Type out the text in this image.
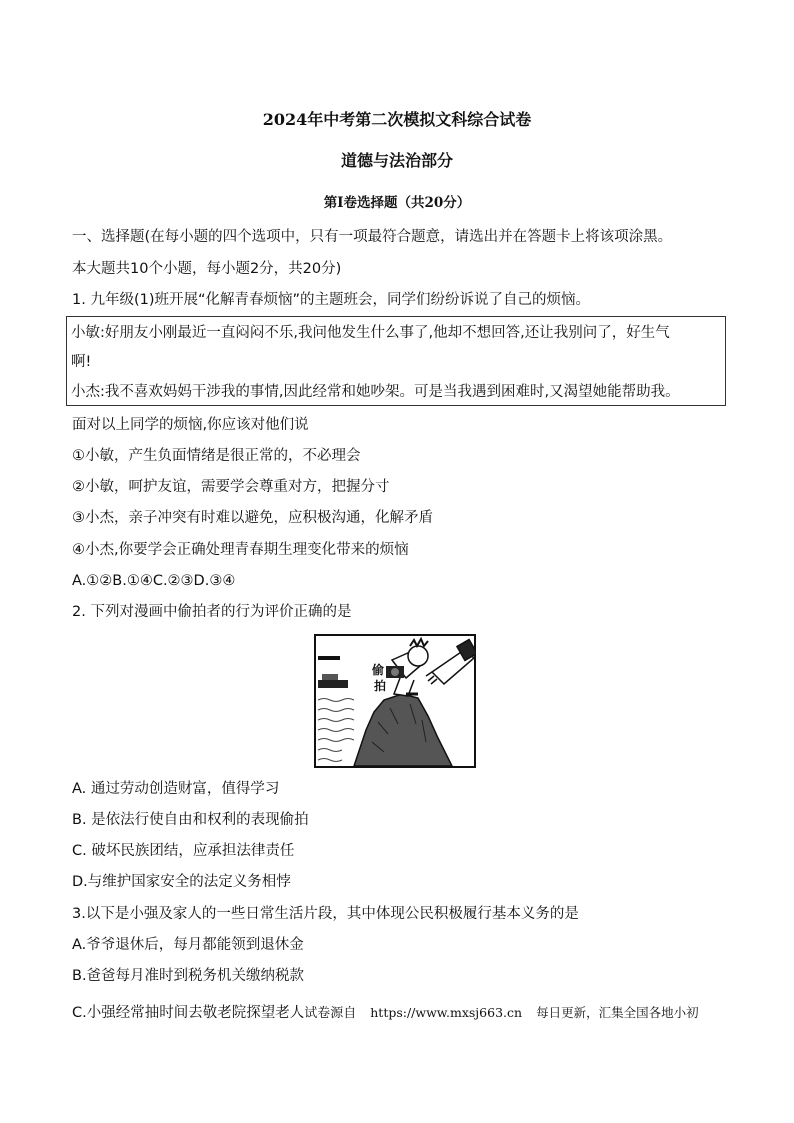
2024年中考第二次模拟文科综合试卷
道德与法治部分
第Ⅰ卷选择题（共20分）
一、选择题(在每小题的四个选项中，只有一项最符合题意，请选出并在答题卡上将该项涂黑。
本大题共10个小题，每小题2分，共20分)
1. 九年级(1)班开展“化解青春烦恼”的主题班会，同学们纷纷诉说了自己的烦恼。
小敏:好朋友小刚最近一直闷闷不乐,我问他发生什么事了,他却不想回答,还让我别问了，好生气
啊!
小杰:我不喜欢妈妈干涉我的事情,因此经常和她吵架。可是当我遇到困难时,又渴望她能帮助我。
面对以上同学的烦恼,你应该对他们说
①小敏，产生负面情绪是很正常的，不必理会
②小敏，呵护友谊，需要学会尊重对方，把握分寸
③小杰，亲子冲突有时难以避免，应积极沟通，化解矛盾
④小杰,你要学会正确处理青春期生理变化带来的烦恼
A.①②B.①④C.②③D.③④
2. 下列对漫画中偷拍者的行为评价正确的是
偷
拍
A. 通过劳动创造财富，值得学习
B. 是依法行使自由和权利的表现偷拍
C. 破坏民族团结，应承担法律责任
D.与维护国家安全的法定义务相悖
3.以下是小强及家人的一些日常生活片段，其中体现公民积极履行基本义务的是
A.爷爷退休后，每月都能领到退休金
B.爸爸每月准时到税务机关缴纳税款
C.小强经常抽时间去敬老院探望老人试卷源自 https://www.mxsj663.cn 每日更新，汇集全国各地小初
